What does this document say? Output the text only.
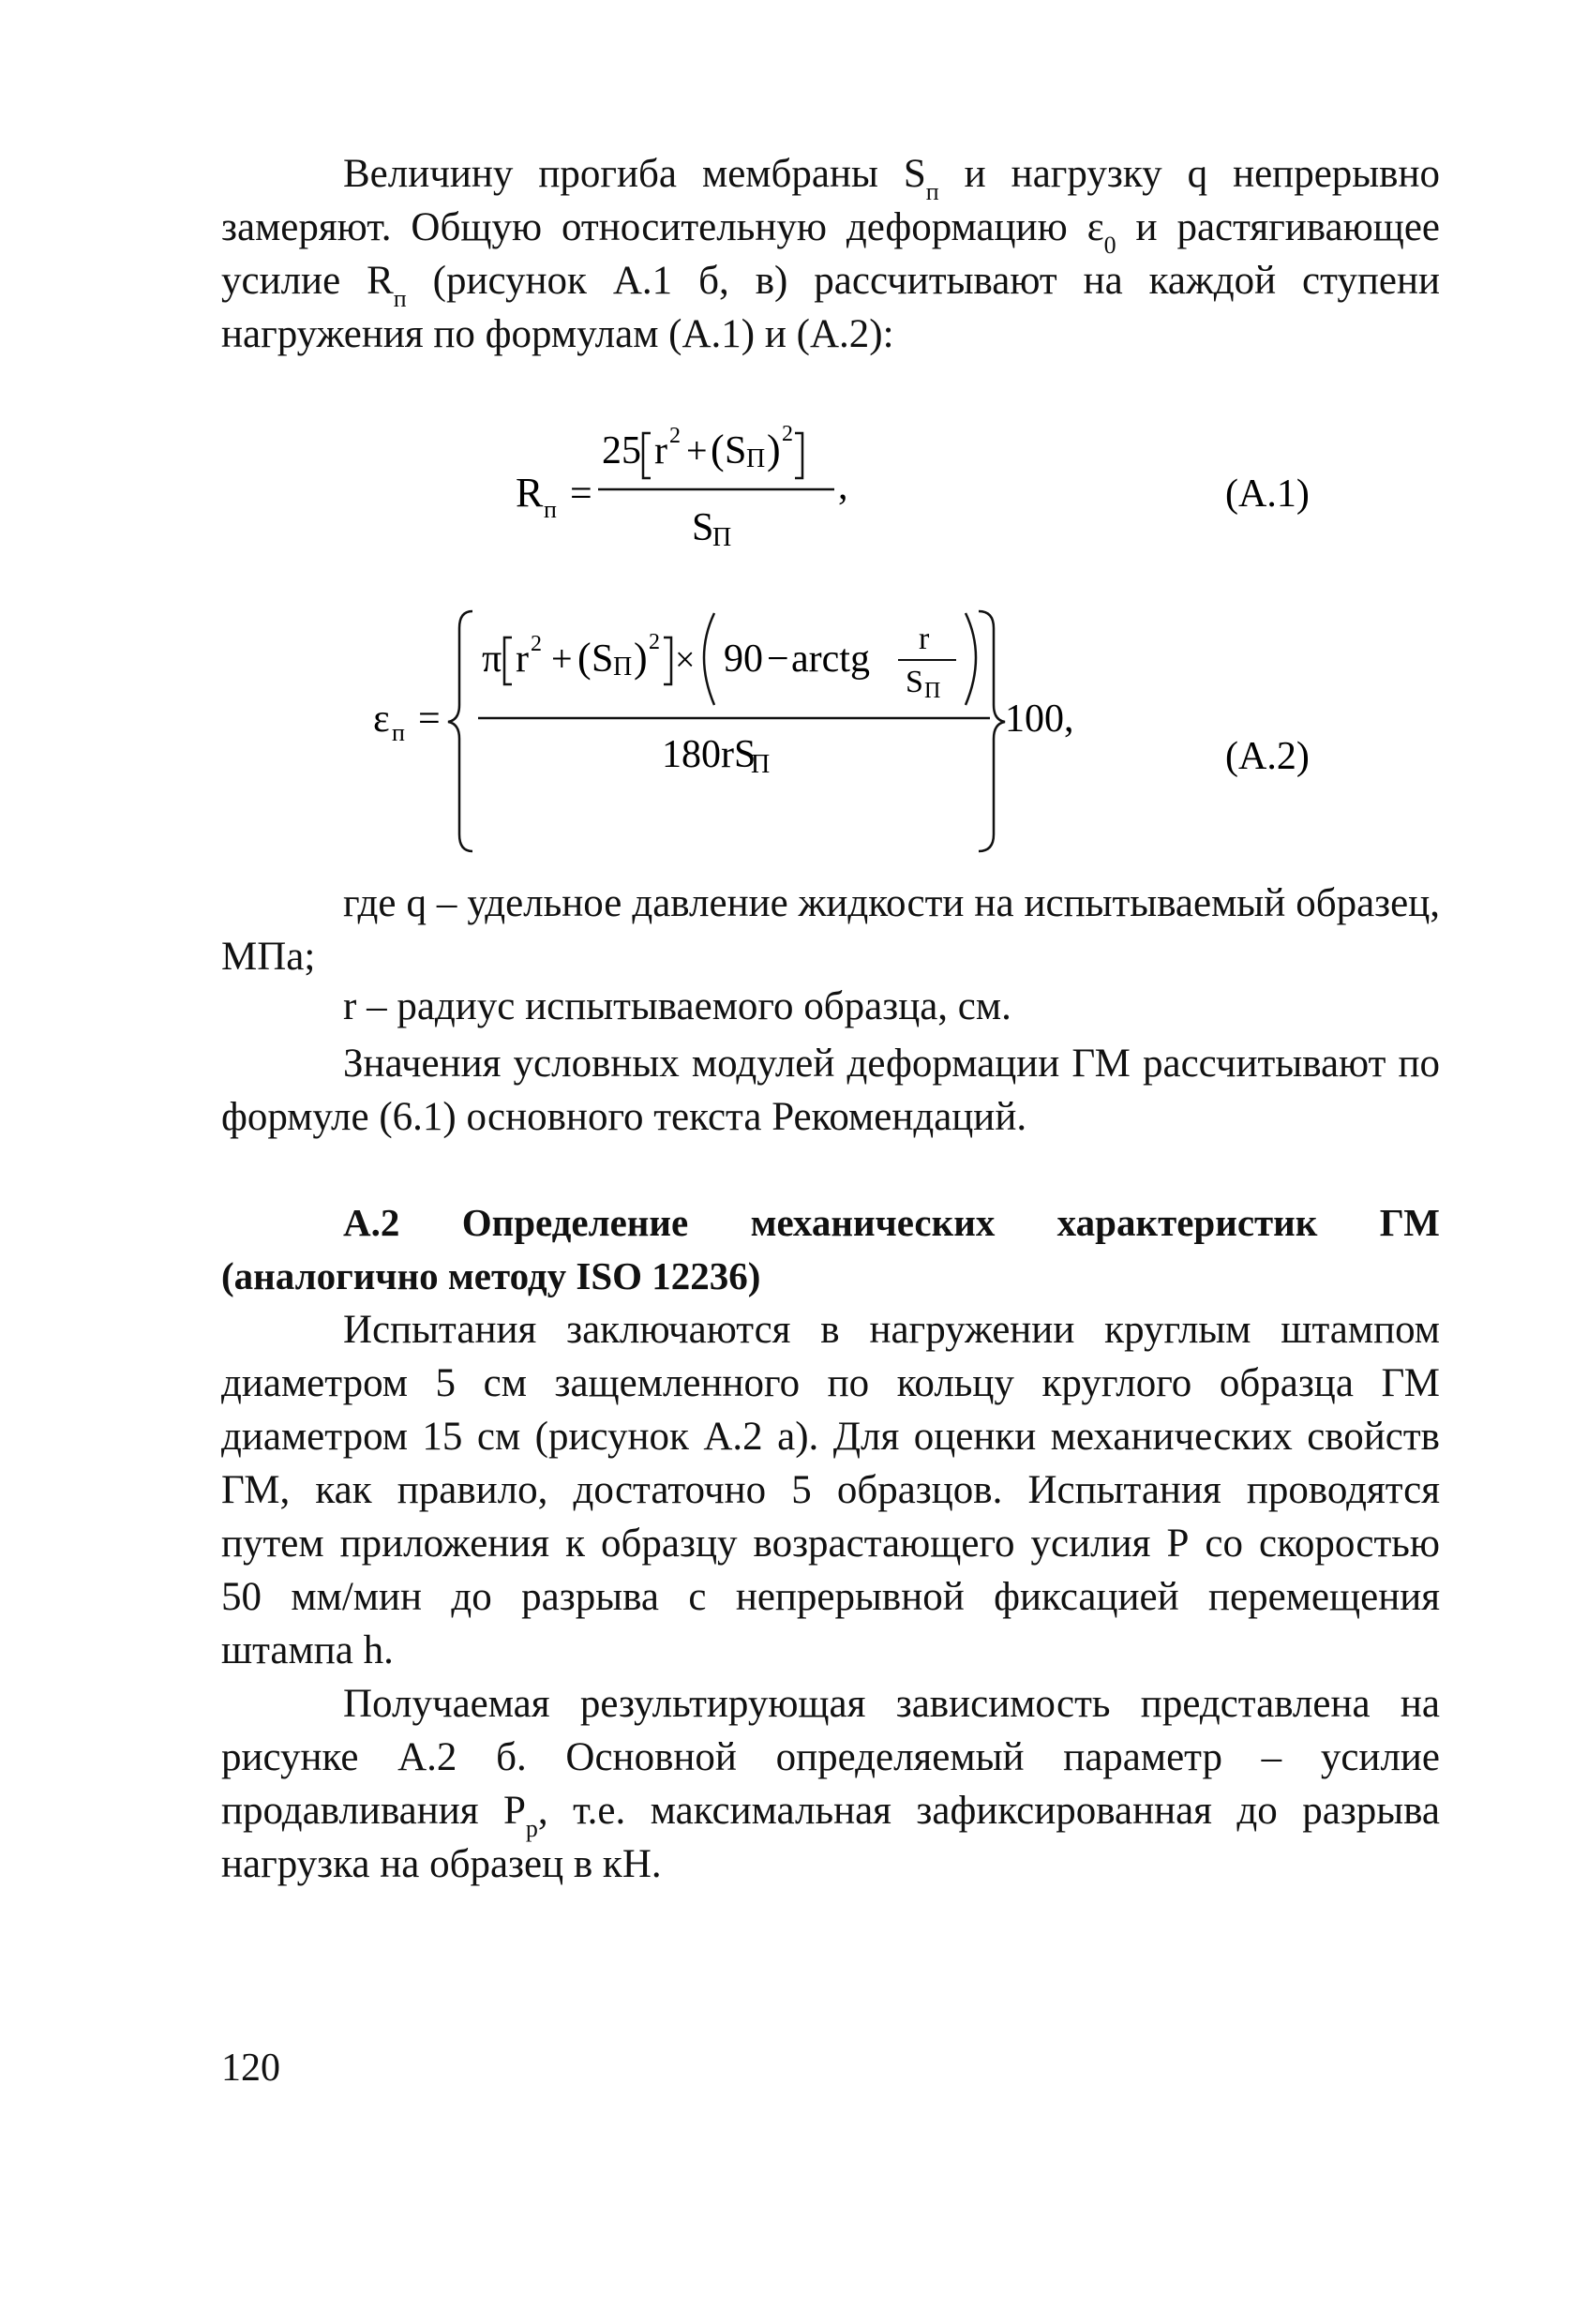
Величину прогиба мембраны $S_п$ и нагрузку q непрерывно замеряют. Общую относительную деформацию $\varepsilon_0$ и растягивающее усилие $R_п$ (рисунок А.1 б, в) рассчитывают на каждой ступени нагружения по формулам (А.1) и (А.2):

R п =
25 r 2 + ( S П ) 2
,
S
П
(А.1)
ε п =
π r 2 + ( S П ) 2 × 90 − arctg r
S П
180rS
П
100,
(А.2)

где q – удельное давление жидкости на испытываемый образец, МПа;

r – радиус испытываемого образца, см.

Значения условных модулей деформации ГМ рассчитывают по формуле (6.1) основного текста Рекомендаций.

А.2 Определение механических характеристик ГМ (аналогично методу ISO 12236)

Испытания заключаются в нагружении круглым штампом диаметром 5 см защемленного по кольцу круглого образца ГМ диаметром 15 см (рисунок А.2 а). Для оценки механических свойств ГМ, как правило, достаточно 5 образцов. Испытания проводятся путем приложения к образцу возрастающего усилия Р со скоростью 50 мм/мин до разрыва с непрерывной фиксацией перемещения штампа h.

Получаемая результирующая зависимость представлена на рисунке А.2 б. Основной определяемый параметр – усилие продавливания $Р_р$, т.е. максимальная зафиксированная до разрыва нагрузка на образец в кН.

120
